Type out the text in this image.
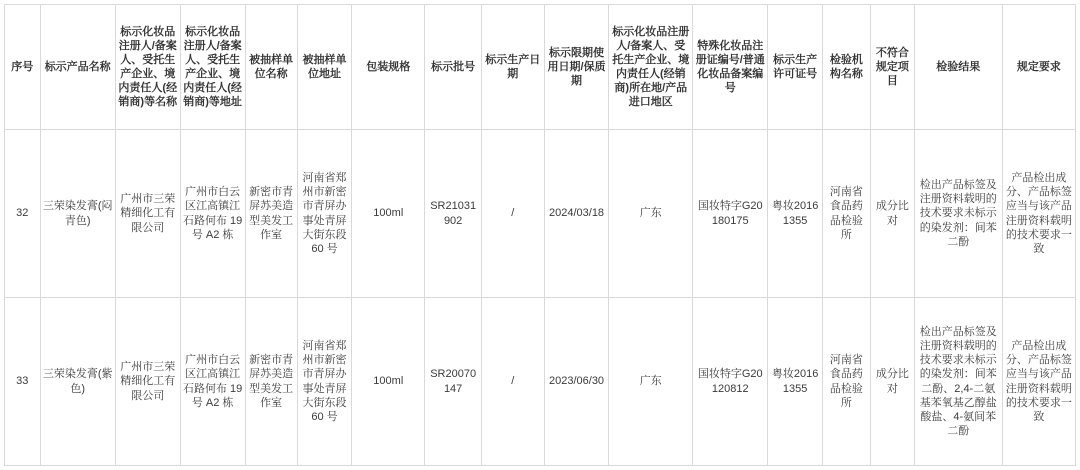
序号	标示产品名称	标示化妆品注册人/备案人、受托生产企业、境内责任人(经销商)等名称	标示化妆品注册人/备案人、受托生产企业、境内责任人(经销商)等地址	被抽样单位名称	被抽样单位地址	包装规格	标示批号	标示生产日期	标示限期使用日期/保质期	标示化妆品注册人/备案人、受托生产企业、境内责任人(经销商)所在地/产品进口地区	特殊化妆品注册证编号/普通化妆品备案编号	标示生产许可证号	检验机构名称	不符合规定项目	检验结果	规定要求
32	三荣染发膏(闷青色)	广州市三荣精细化工有限公司	广州市白云区江高镇江石路何布 19 号 A2 栋	新密市青屏苏美造型美发工作室	河南省郑州市新密市青屏办事处青屏大街东段 60 号	100ml	SR21031902	/	2024/03/18	广东	国妆特字G20180175	粤妆20161355	河南省食品药品检验所	成分比对	检出产品标签及注册资料载明的技术要求未标示的染发剂：间苯二酚	产品检出成分、产品标签应当与该产品注册资料载明的技术要求一致
33	三荣染发膏(紫色)	广州市三荣精细化工有限公司	广州市白云区江高镇江石路何布 19 号 A2 栋	新密市青屏苏美造型美发工作室	河南省郑州市新密市青屏办事处青屏大街东段 60 号	100ml	SR20070147	/	2023/06/30	广东	国妆特字G20120812	粤妆20161355	河南省食品药品检验所	成分比对	检出产品标签及注册资料载明的技术要求未标示的染发剂：间苯二酚、2,4-二氨基苯氧基乙醇盐酸盐、4-氨间苯二酚	产品检出成分、产品标签应当与该产品注册资料载明的技术要求一致
